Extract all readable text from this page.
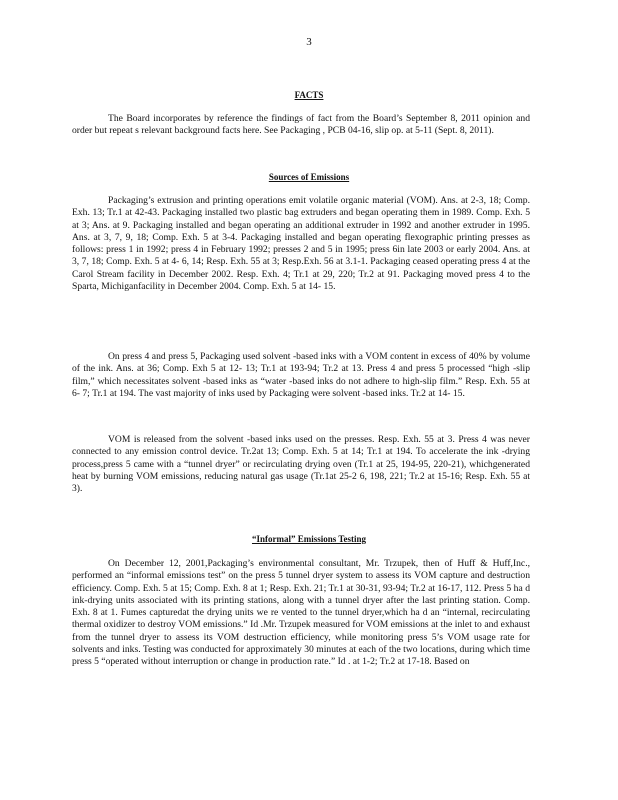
3
FACTS

The Board incorporates by reference the findings of fact from the Board’s September 8, 2011 opinion and order but repeat s relevant background facts here. See Packaging , PCB 04-16, slip op. at 5-11 (Sept. 8, 2011).

Sources of Emissions

Packaging’s extrusion and printing operations emit volatile organic material (VOM). Ans. at 2-3, 18; Comp. Exh. 13; Tr.1 at 42-43. Packaging installed two plastic bag extruders and began operating them in 1989. Comp. Exh. 5 at 3; Ans. at 9. Packaging installed and began operating an additional extruder in 1992 and another extruder in 1995. Ans. at 3, 7, 9, 18; Comp. Exh. 5 at 3-4. Packaging installed and began operating flexographic printing presses as follows: press 1 in 1992; press 4 in February 1992; presses 2 and 5 in 1995; press 6in late 2003 or early 2004. Ans. at 3, 7, 18; Comp. Exh. 5 at 4- 6, 14; Resp. Exh. 55 at 3; Resp.Exh. 56 at 3.1-1. Packaging ceased operating press 4 at the Carol Stream facility in December 2002. Resp. Exh. 4; Tr.1 at 29, 220; Tr.2 at 91. Packaging moved press 4 to the Sparta, Michiganfacility in December 2004. Comp. Exh. 5 at 14- 15.

On press 4 and press 5, Packaging used solvent -based inks with a VOM content in excess of 40% by volume of the ink. Ans. at 36; Comp. Exh 5 at 12- 13; Tr.1 at 193-94; Tr.2 at 13. Press 4 and press 5 processed “high -slip film,” which necessitates solvent -based inks as “water -based inks do not adhere to high-slip film.” Resp. Exh. 55 at 6- 7; Tr.1 at 194. The vast majority of inks used by Packaging were solvent -based inks. Tr.2 at 14- 15.

VOM is released from the solvent -based inks used on the presses. Resp. Exh. 55 at 3. Press 4 was never connected to any emission control device. Tr.2at 13; Comp. Exh. 5 at 14; Tr.1 at 194. To accelerate the ink -drying process,press 5 came with a “tunnel dryer” or recirculating drying oven (Tr.1 at 25, 194-95, 220-21), whichgenerated heat by burning VOM emissions, reducing natural gas usage (Tr.1at 25-2 6, 198, 221; Tr.2 at 15-16; Resp. Exh. 55 at 3).

“Informal” Emissions Testing

On December 12, 2001,Packaging’s environmental consultant, Mr. Trzupek, then of Huff & Huff,Inc., performed an “informal emissions test” on the press 5 tunnel dryer system to assess its VOM capture and destruction efficiency. Comp. Exh. 5 at 15; Comp. Exh. 8 at 1; Resp. Exh. 21; Tr.1 at 30-31, 93-94; Tr.2 at 16-17, 112. Press 5 ha d ink-drying units associated with its printing stations, along with a tunnel dryer after the last printing station. Comp. Exh. 8 at 1. Fumes capturedat the drying units we re vented to the tunnel dryer,which ha d an “internal, recirculating thermal oxidizer to destroy VOM emissions.” Id .Mr. Trzupek measured for VOM emissions at the inlet to and exhaust from the tunnel dryer to assess its VOM destruction efficiency, while monitoring press 5’s VOM usage rate for solvents and inks. Testing was conducted for approximately 30 minutes at each of the two locations, during which time press 5 “operated without interruption or change in production rate.” Id . at 1-2; Tr.2 at 17-18. Based on
